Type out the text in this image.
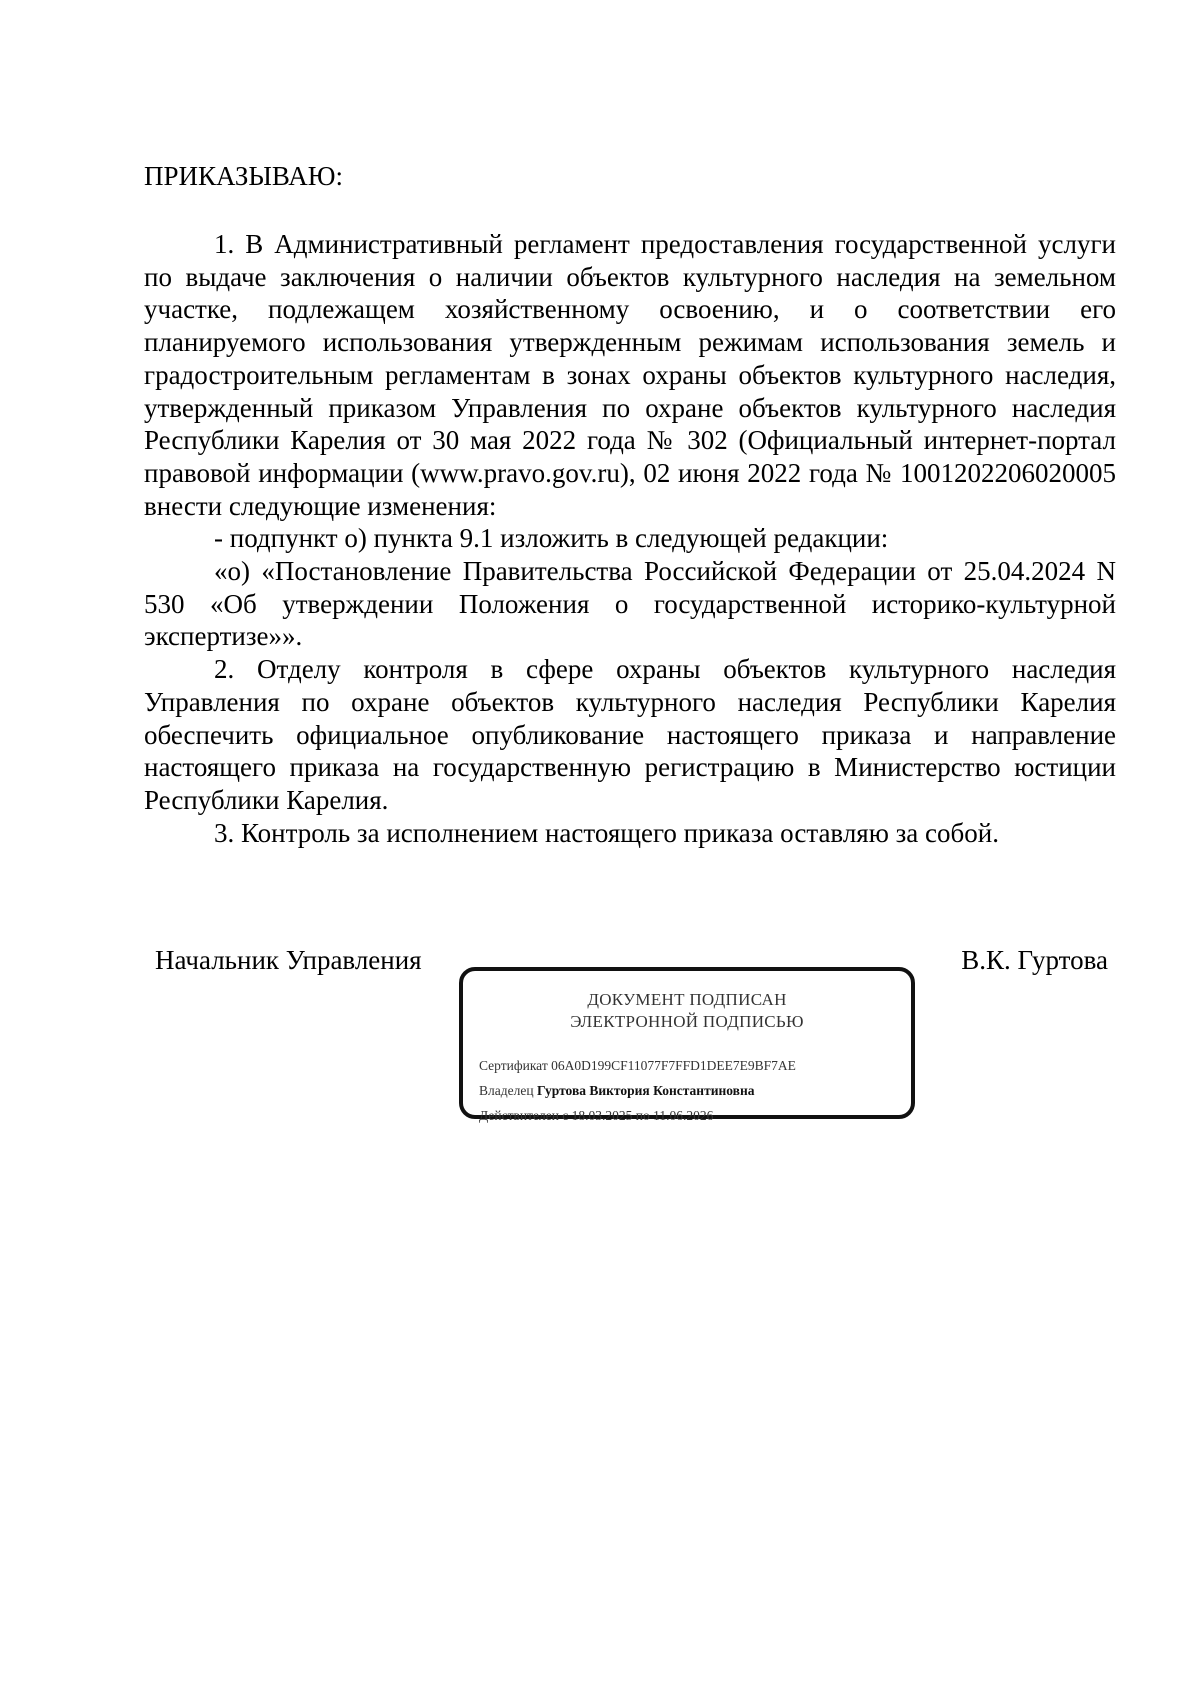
ПРИКАЗЫВАЮ:

1. В Административный регламент предоставления государственной услуги по выдаче заключения о наличии объектов культурного наследия на земельном участке, подлежащем хозяйственному освоению, и о соответствии его планируемого использования утвержденным режимам использования земель и градостроительным регламентам в зонах охраны объектов культурного наследия, утвержденный приказом Управления по охране объектов культурного наследия Республики Карелия от 30 мая 2022 года № 302 (Официальный интернет-портал правовой информации (www.pravo.gov.ru), 02 июня 2022 года № 1001202206020005 внести следующие изменения:

- подпункт о) пункта 9.1 изложить в следующей редакции:

«о) «Постановление Правительства Российской Федерации от 25.04.2024 N 530 «Об утверждении Положения о государственной историко-культурной экспертизе»».

2. Отделу контроля в сфере охраны объектов культурного наследия Управления по охране объектов культурного наследия Республики Карелия обеспечить официальное опубликование настоящего приказа и направление настоящего приказа на государственную регистрацию в Министерство юстиции Республики Карелия.

3. Контроль за исполнением настоящего приказа оставляю за собой.

Начальник Управления	В.К. Гуртова
ДОКУМЕНТ ПОДПИСАН
ЭЛЕКТРОННОЙ ПОДПИСЬЮ
Сертификат 06A0D199CF11077F7FFD1DEE7E9BF7AE
Владелец Гуртова Виктория Константиновна
Действителен с 18.03.2025 по 11.06.2026
